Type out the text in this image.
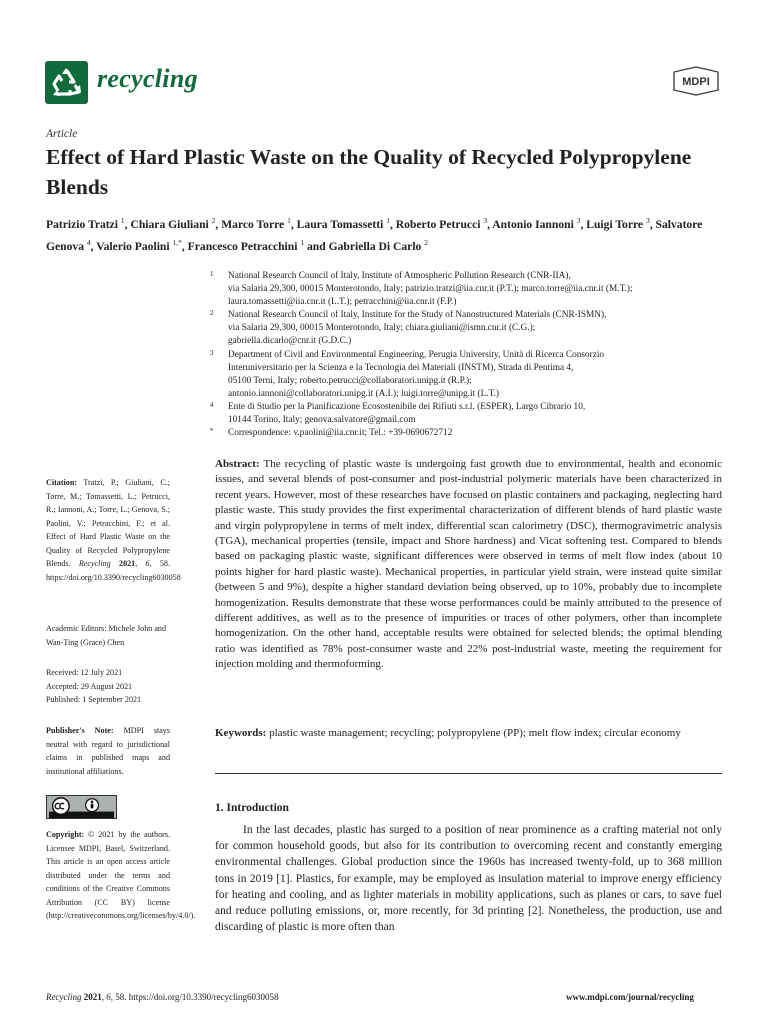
recycling	MDPI
Article
Effect of Hard Plastic Waste on the Quality of Recycled Polypropylene Blends
Patrizio Tratzi $^1$, Chiara Giuliani $^2$, Marco Torre $^1$, Laura Tomassetti $^1$, Roberto Petrucci $^3$, Antonio Iannoni $^3$, Luigi Torre $^3$, Salvatore Genova $^4$, Valerio Paolini $^{1,*}$, Francesco Petracchini $^1$ and Gabriella Di Carlo $^2$
1 National Research Council of Italy, Institute of Atmospheric Pollution Research (CNR-IIA),
via Salaria 29,300, 00015 Monterotondo, Italy; patrizio.tratzi@iia.cnr.it (P.T.); marco.torre@iia.cnr.it (M.T.);
laura.tomassetti@iia.cnr.it (L.T.); petracchini@iia.cnr.it (F.P.)
2 National Research Council of Italy, Institute for the Study of Nanostructured Materials (CNR-ISMN),
via Salaria 29,300, 00015 Monterotondo, Italy; chiara.giuliani@ismn.cnr.it (C.G.);
gabriella.dicarlo@cnr.it (G.D.C.)
3 Department of Civil and Environmental Engineering, Perugia University, Unità di Ricerca Consorzio
Interuniversitario per la Scienza e la Tecnologia dei Materiali (INSTM), Strada di Pentima 4,
05100 Terni, Italy; roberto.petrucci@collaboratori.unipg.it (R.P.);
antonio.iannoni@collaboratori.unipg.it (A.I.); luigi.torre@unipg.it (L.T.)
4 Ente di Studio per la Pianificazione Ecosostenibile dei Rifiuti s.r.l. (ESPER), Largo Cibrario 10,
10144 Torino, Italy; genova.salvatore@gmail.com
* Correspondence: v.paolini@iia.cnr.it; Tel.: +39-0690672712
Citation: Tratzi, P.; Giuliani, C.; Torre, M.; Tomassetti, L.; Petrucci, R.; Iannoni, A.; Torre, L.; Genova, S.; Paolini, V.; Petracchini, F.; et al. Effect of Hard Plastic Waste on the Quality of Recycled Polypropylene Blends. Recycling 2021, 6, 58. https://doi.org/10.3390/recycling6030058
Academic Editors: Michele John and Wan-Ting (Grace) Chen
Received: 12 July 2021
Accepted: 29 August 2021
Published: 1 September 2021
Publisher's Note: MDPI stays neutral with regard to jurisdictional claims in published maps and institutional affiliations.
Copyright: © 2021 by the authors. Licensee MDPI, Basel, Switzerland. This article is an open access article distributed under the terms and conditions of the Creative Commons Attribution (CC BY) license (http://creativecommons.org/licenses/by/4.0/).
Abstract: The recycling of plastic waste is undergoing fast growth due to environmental, health and economic issues, and several blends of post-consumer and post-industrial polymeric materials have been characterized in recent years. However, most of these researches have focused on plastic containers and packaging, neglecting hard plastic waste. This study provides the first experimental characterization of different blends of hard plastic waste and virgin polypropylene in terms of melt index, differential scan calorimetry (DSC), thermogravimetric analysis (TGA), mechanical properties (tensile, impact and Shore hardness) and Vicat softening test. Compared to blends based on packaging plastic waste, significant differences were observed in terms of melt flow index (about 10 points higher for hard plastic waste). Mechanical properties, in particular yield strain, were instead quite similar (between 5 and 9%), despite a higher standard deviation being observed, up to 10%, probably due to incomplete homogenization. Results demonstrate that these worse performances could be mainly attributed to the presence of different additives, as well as to the presence of impurities or traces of other polymers, other than incomplete homogenization. On the other hand, acceptable results were obtained for selected blends; the optimal blending ratio was identified as 78% post-consumer waste and 22% post-industrial waste, meeting the requirement for injection molding and thermoforming.
Keywords: plastic waste management; recycling; polypropylene (PP); melt flow index; circular economy
1. Introduction
In the last decades, plastic has surged to a position of near prominence as a crafting material not only for common household goods, but also for its contribution to overcoming recent and constantly emerging environmental challenges. Global production since the 1960s has increased twenty-fold, up to 368 million tons in 2019 [1]. Plastics, for example, may be employed as insulation material to improve energy efficiency for heating and cooling, and as lighter materials in mobility applications, such as planes or cars, to save fuel and reduce polluting emissions, or, more recently, for 3d printing [2]. Nonetheless, the production, use and discarding of plastic is more often than
Recycling 2021, 6, 58. https://doi.org/10.3390/recycling6030058	www.mdpi.com/journal/recycling
